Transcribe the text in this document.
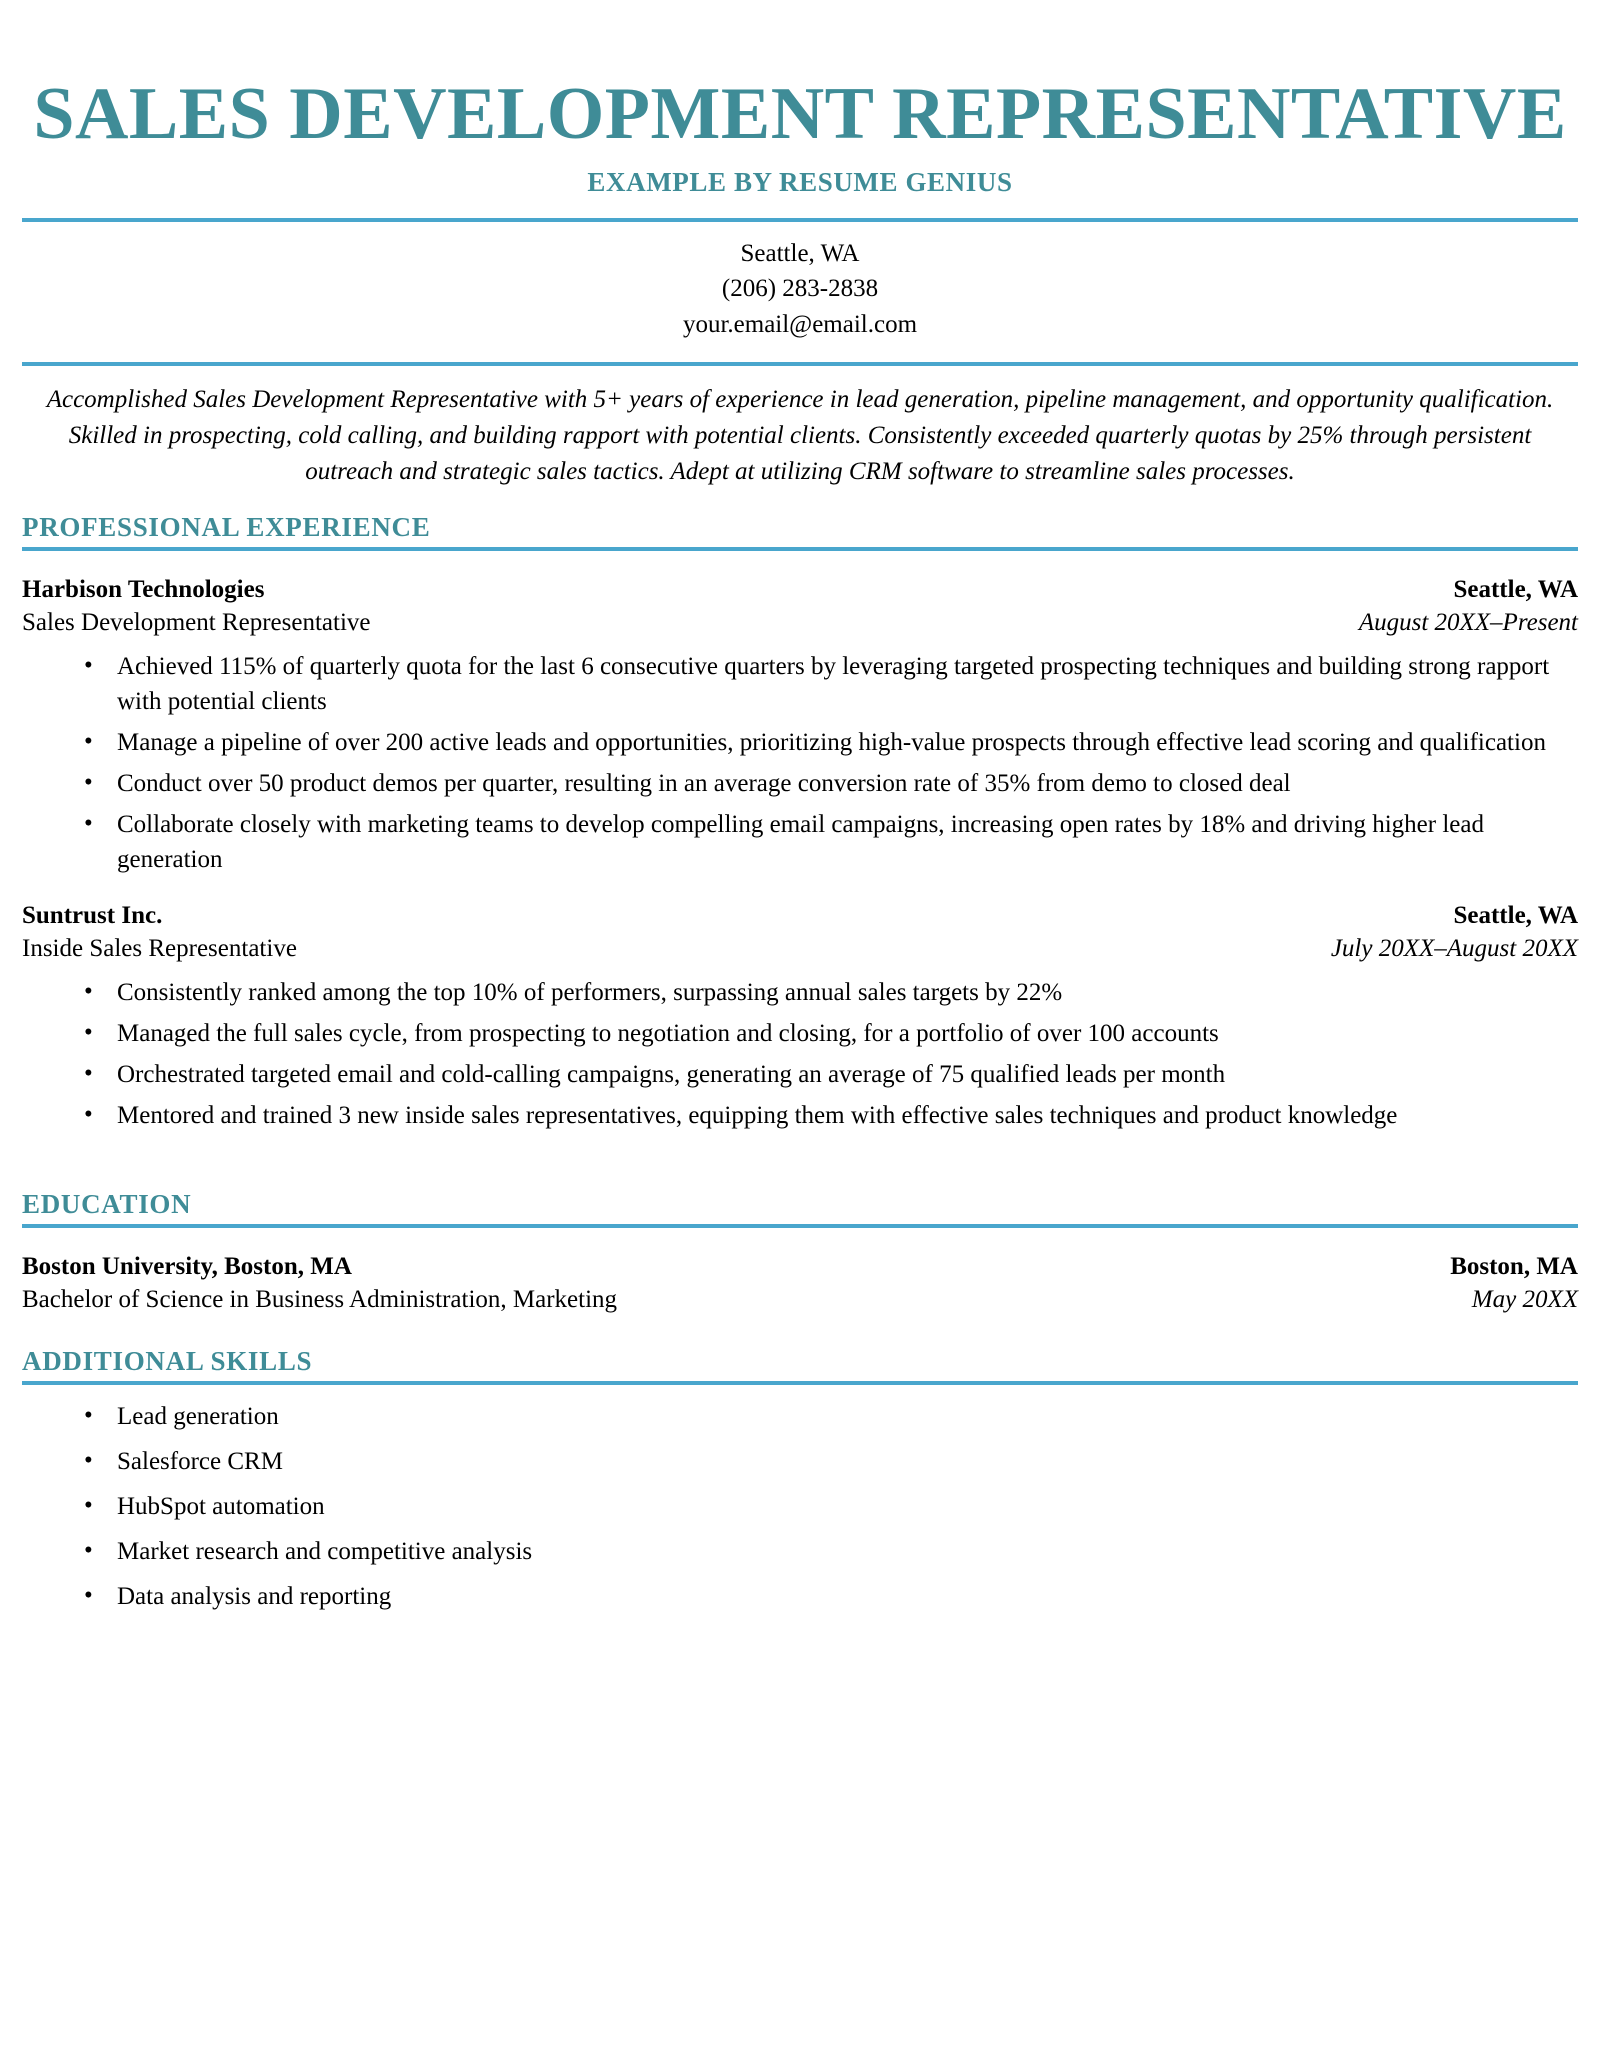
SALES DEVELOPMENT REPRESENTATIVE
EXAMPLE BY RESUME GENIUS
Seattle, WA
(206) 283-2838
your.email@email.com
Accomplished Sales Development Representative with 5+ years of experience in lead generation, pipeline management, and opportunity qualification. Skilled in prospecting, cold calling, and building rapport with potential clients. Consistently exceeded quarterly quotas by 25% through persistent outreach and strategic sales tactics. Adept at utilizing CRM software to streamline sales processes.
PROFESSIONAL EXPERIENCE
Harbison Technologies	Seattle, WA
Sales Development Representative	August 20XX–Present
• Achieved 115% of quarterly quota for the last 6 consecutive quarters by leveraging targeted prospecting techniques and building strong rapport with potential clients
• Manage a pipeline of over 200 active leads and opportunities, prioritizing high-value prospects through effective lead scoring and qualification
• Conduct over 50 product demos per quarter, resulting in an average conversion rate of 35% from demo to closed deal
• Collaborate closely with marketing teams to develop compelling email campaigns, increasing open rates by 18% and driving higher lead generation
Suntrust Inc.	Seattle, WA
Inside Sales Representative	July 20XX–August 20XX
• Consistently ranked among the top 10% of performers, surpassing annual sales targets by 22%
• Managed the full sales cycle, from prospecting to negotiation and closing, for a portfolio of over 100 accounts
• Orchestrated targeted email and cold-calling campaigns, generating an average of 75 qualified leads per month
• Mentored and trained 3 new inside sales representatives, equipping them with effective sales techniques and product knowledge
EDUCATION
Boston University, Boston, MA	Boston, MA
Bachelor of Science in Business Administration, Marketing	May 20XX
ADDITIONAL SKILLS
• Lead generation
• Salesforce CRM
• HubSpot automation
• Market research and competitive analysis
• Data analysis and reporting
